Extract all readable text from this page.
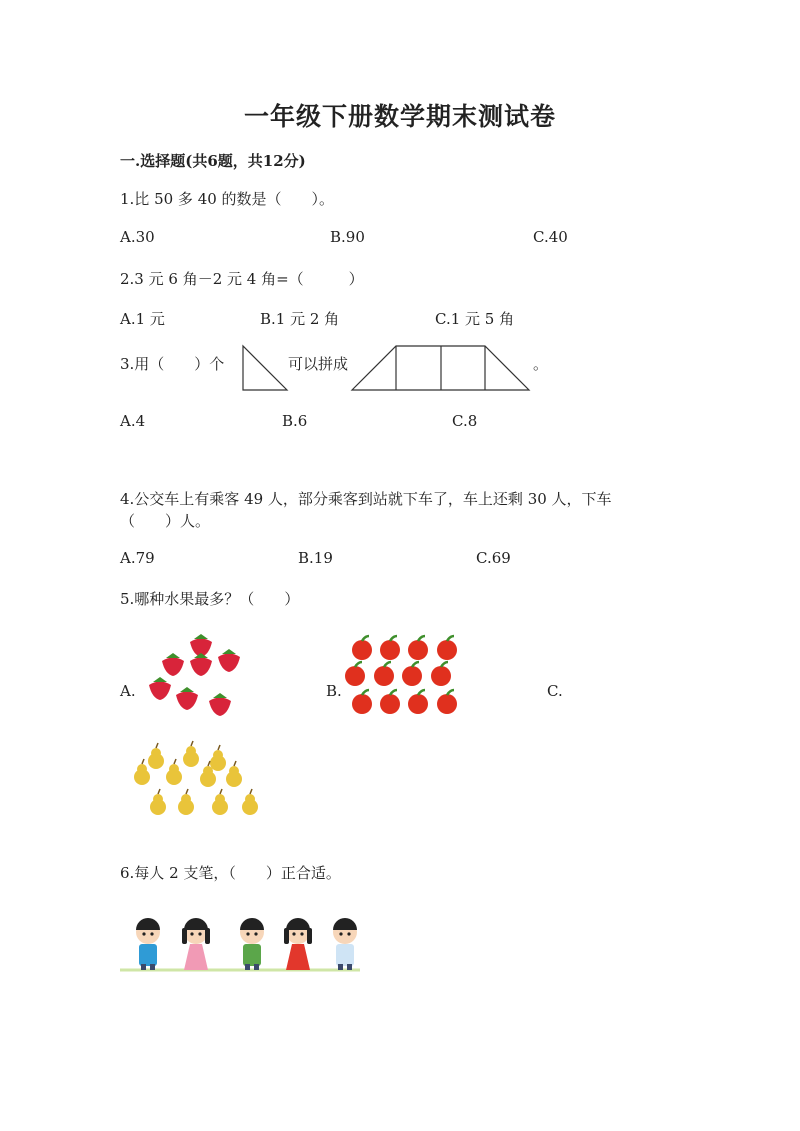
一年级下册数学期末测试卷
一.选择题(共6题，共12分)
1.比 50 多 40 的数是（　　）。
A.30	B.90	C.40
2.3 元 6 角－2 元 4 角=（　　　）
A.1 元	B.1 元 2 角	C.1 元 5 角
3.用（　　）个	可以拼成	。
A.4	B.6	C.8
4.公交车上有乘客 49 人，部分乘客到站就下车了，车上还剩 30 人，下车
（　　）人。
A.79	B.19	C.69
5.哪种水果最多？（　　）
A.	B.	C.
6.每人 2 支笔，（　　）正合适。
